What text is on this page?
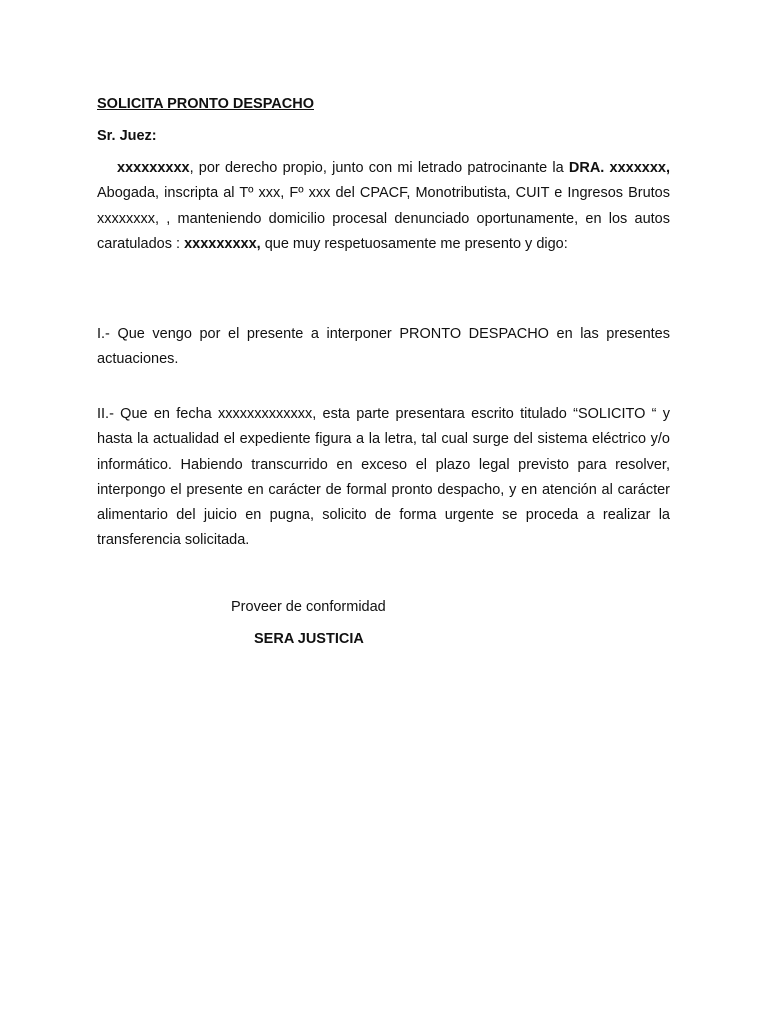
SOLICITA PRONTO DESPACHO

Sr. Juez:

xxxxxxxxx, por derecho propio, junto con mi letrado patrocinante la DRA. xxxxxxx, Abogada, inscripta al Tº xxx, Fº xxx del CPACF, Monotributista, CUIT e Ingresos Brutos xxxxxxxx, , manteniendo domicilio procesal denunciado oportunamente, en los autos caratulados : xxxxxxxxx, que muy respetuosamente me presento y digo:

I.- Que vengo por el presente a interponer PRONTO DESPACHO en las presentes actuaciones.

II.- Que en fecha xxxxxxxxxxxxx, esta parte presentara escrito titulado “SOLICITO “ y hasta la actualidad el expediente figura a la letra, tal cual surge del sistema eléctrico y/o informático. Habiendo transcurrido en exceso el plazo legal previsto para resolver, interpongo el presente en carácter de formal pronto despacho, y en atención al carácter alimentario del juicio en pugna, solicito de forma urgente se proceda a realizar la transferencia solicitada.

Proveer de conformidad
SERA JUSTICIA
